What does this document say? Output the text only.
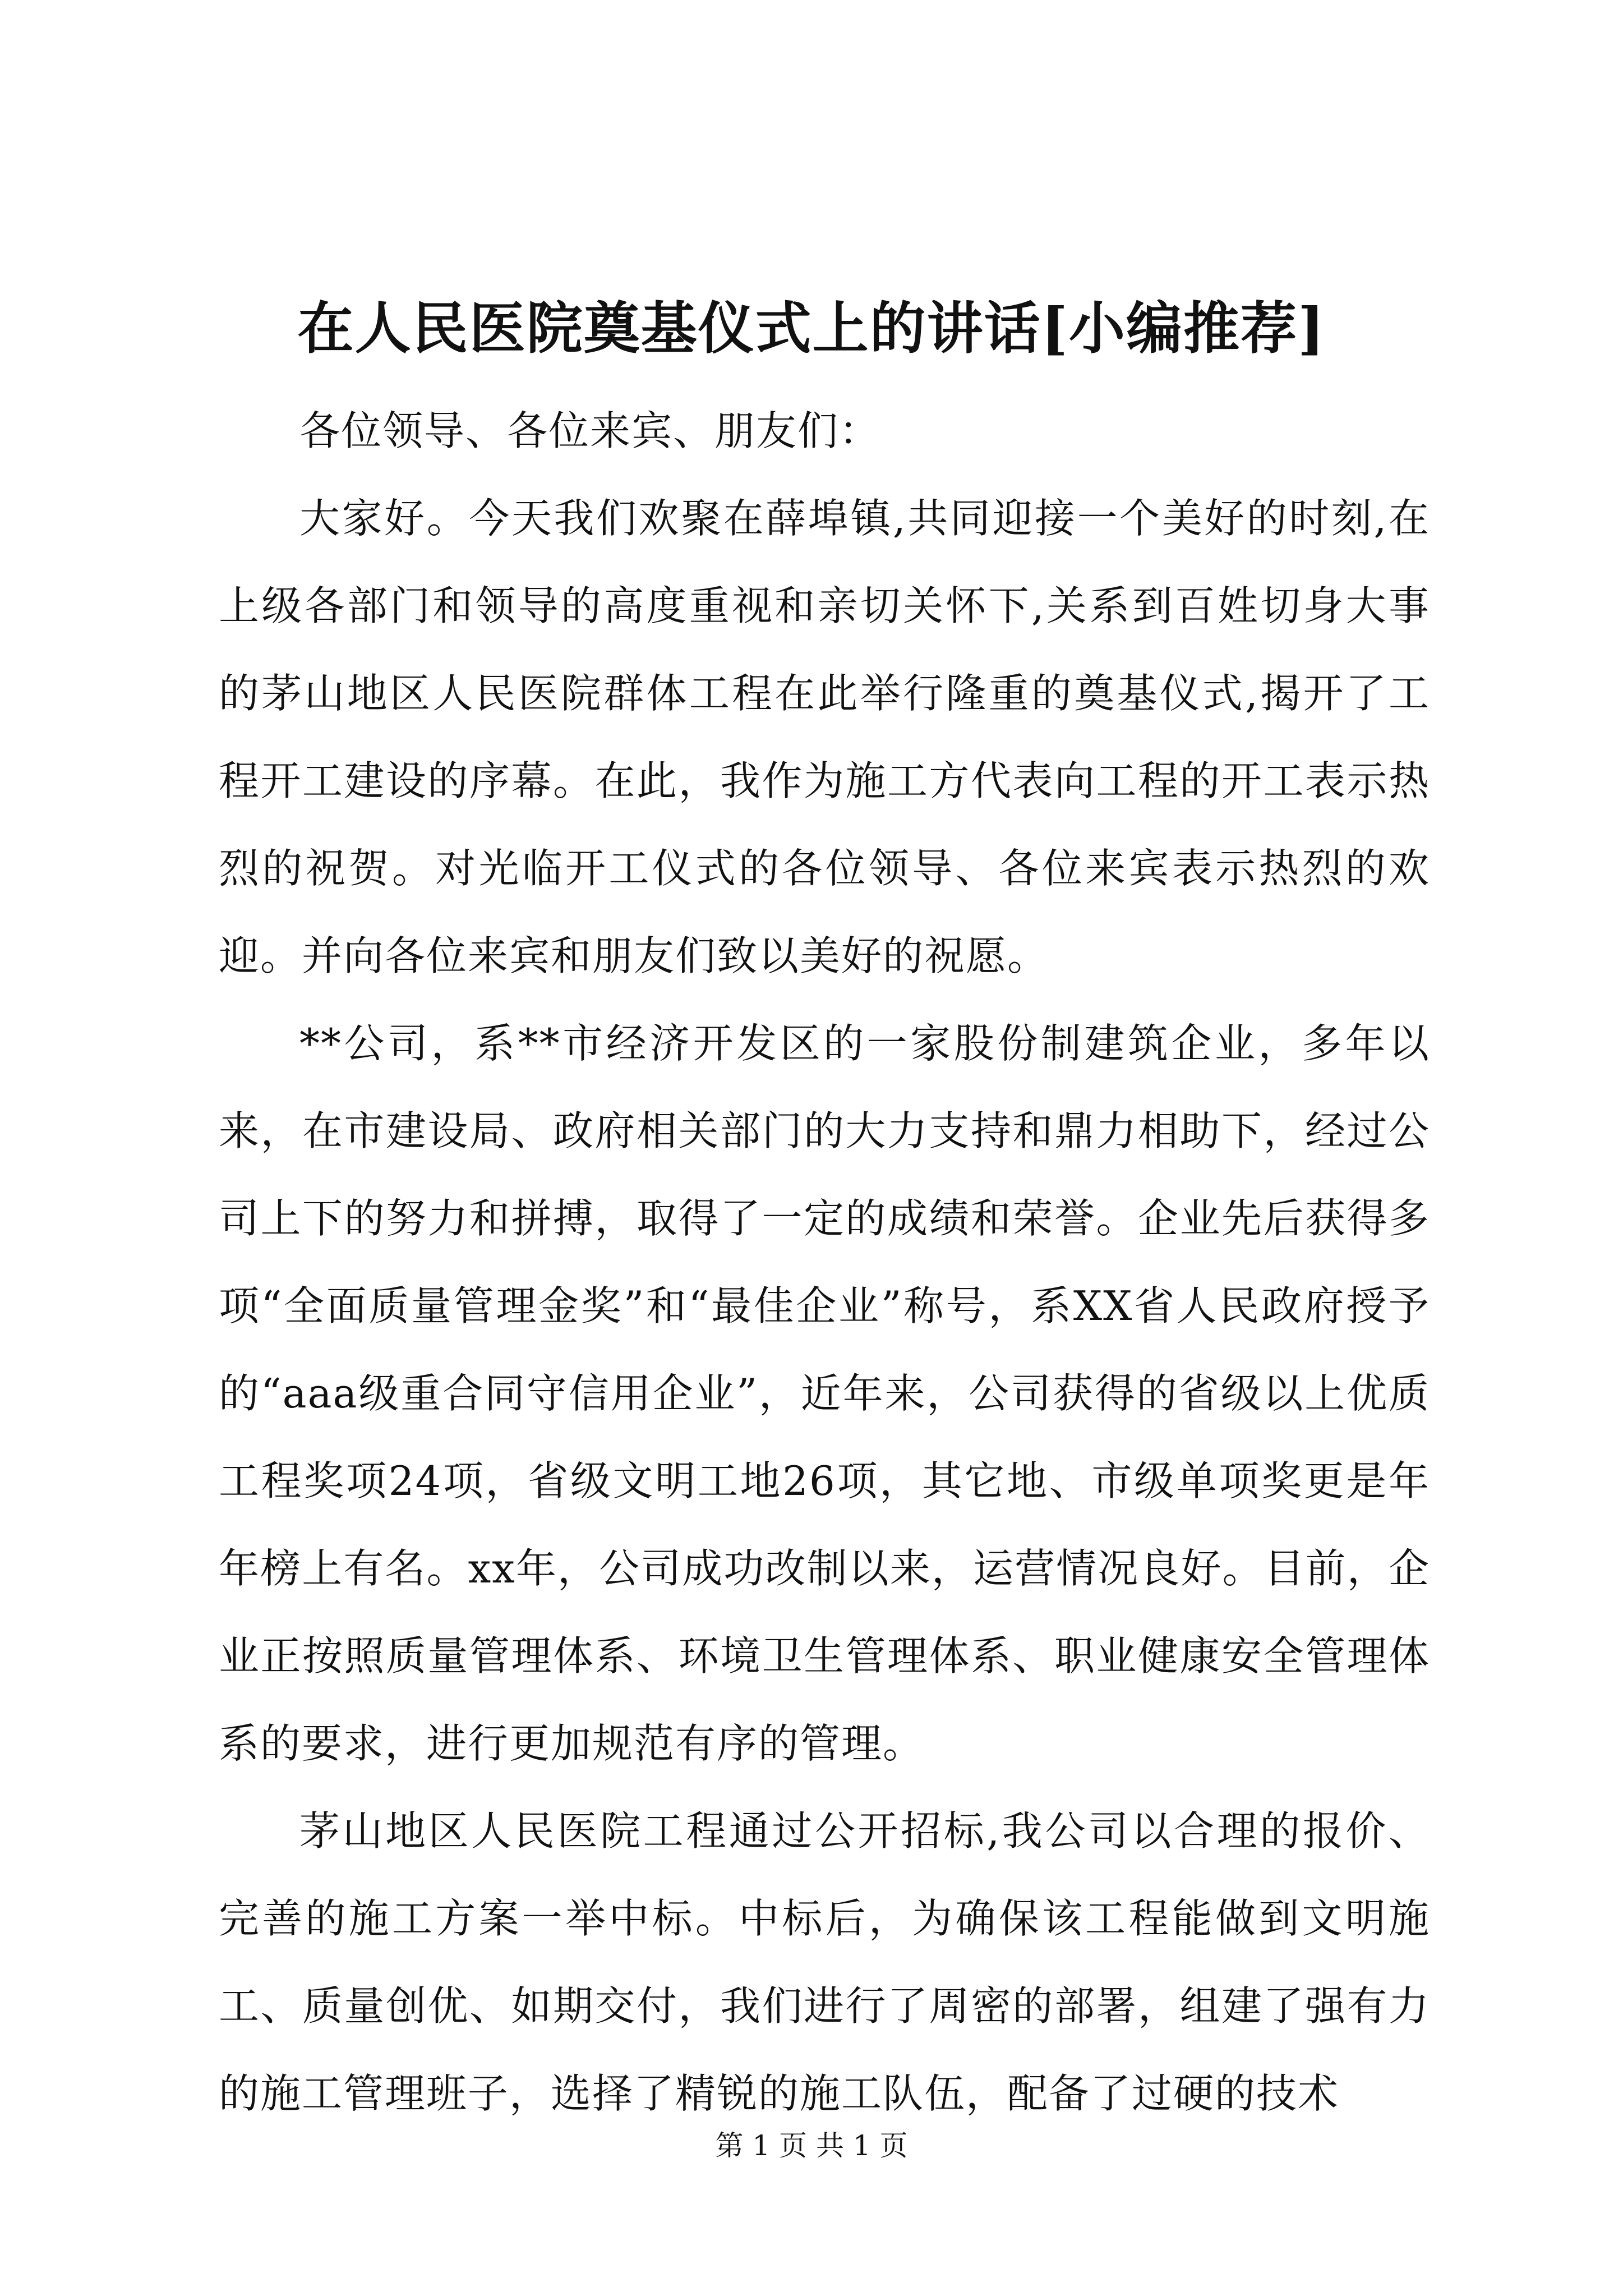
在人民医院奠基仪式上的讲话[小编推荐]

各位领导、各位来宾、朋友们：

大家好。今天我们欢聚在薛埠镇,共同迎接一个美好的时刻,在上级各部门和领导的高度重视和亲切关怀下,关系到百姓切身大事的茅山地区人民医院群体工程在此举行隆重的奠基仪式,揭开了工程开工建设的序幕。在此，我作为施工方代表向工程的开工表示热烈的祝贺。对光临开工仪式的各位领导、各位来宾表示热烈的欢迎。并向各位来宾和朋友们致以美好的祝愿。

**公司，系**市经济开发区的一家股份制建筑企业，多年以来，在市建设局、政府相关部门的大力支持和鼎力相助下，经过公司上下的努力和拼搏，取得了一定的成绩和荣誉。企业先后获得多项“全面质量管理金奖”和“最佳企业”称号，系XX省人民政府授予的“aaa级重合同守信用企业”，近年来，公司获得的省级以上优质工程奖项24项，省级文明工地26项，其它地、市级单项奖更是年年榜上有名。xx年，公司成功改制以来，运营情况良好。目前，企业正按照质量管理体系、环境卫生管理体系、职业健康安全管理体系的要求，进行更加规范有序的管理。

茅山地区人民医院工程通过公开招标,我公司以合理的报价、完善的施工方案一举中标。中标后，为确保该工程能做到文明施工、质量创优、如期交付，我们进行了周密的部署，组建了强有力的施工管理班子，选择了精锐的施工队伍，配备了过硬的技术

第 1 页 共 1 页
